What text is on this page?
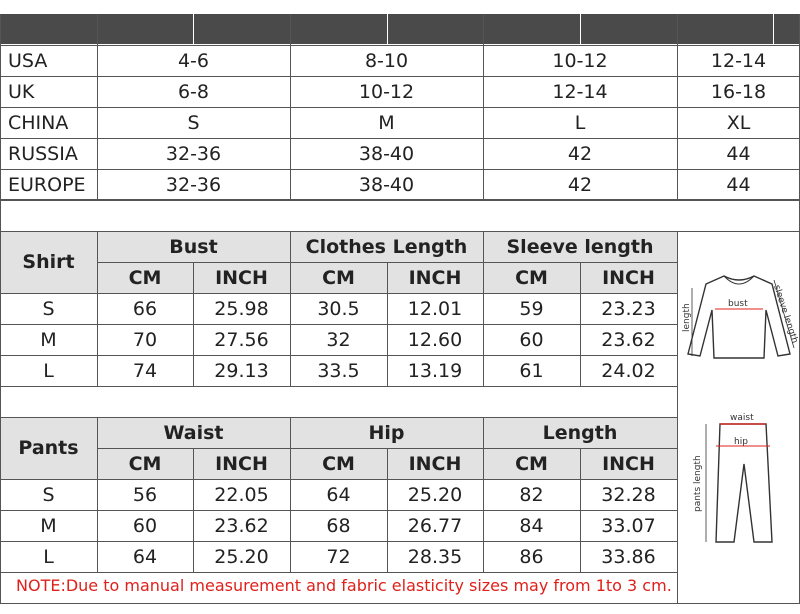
USA	4-6	8-10	10-12	12-14
UK	6-8	10-12	12-14	16-18
CHINA	S	M	L	XL
RUSSIA	32-36	38-40	42	44
EUROPE	32-36	38-40	42	44
Shirt
Bust	Clothes Length	Sleeve length
CM	INCH	CM	INCH	CM	INCH
S	66	25.98	30.5	12.01	59	23.23
M	70	27.56	32	12.60	60	23.62
L	74	29.13	33.5	13.19	61	24.02
Pants
Waist	Hip	Length
CM	INCH	CM	INCH	CM	INCH
S	56	22.05	64	25.20	82	32.28
M	60	23.62	68	26.77	84	33.07
L	64	25.20	72	28.35	86	33.86
NOTE:Due to manual measurement and fabric elasticity sizes may from 1to 3 cm.
bust
length	sleeve length
waist
hip
pants length
